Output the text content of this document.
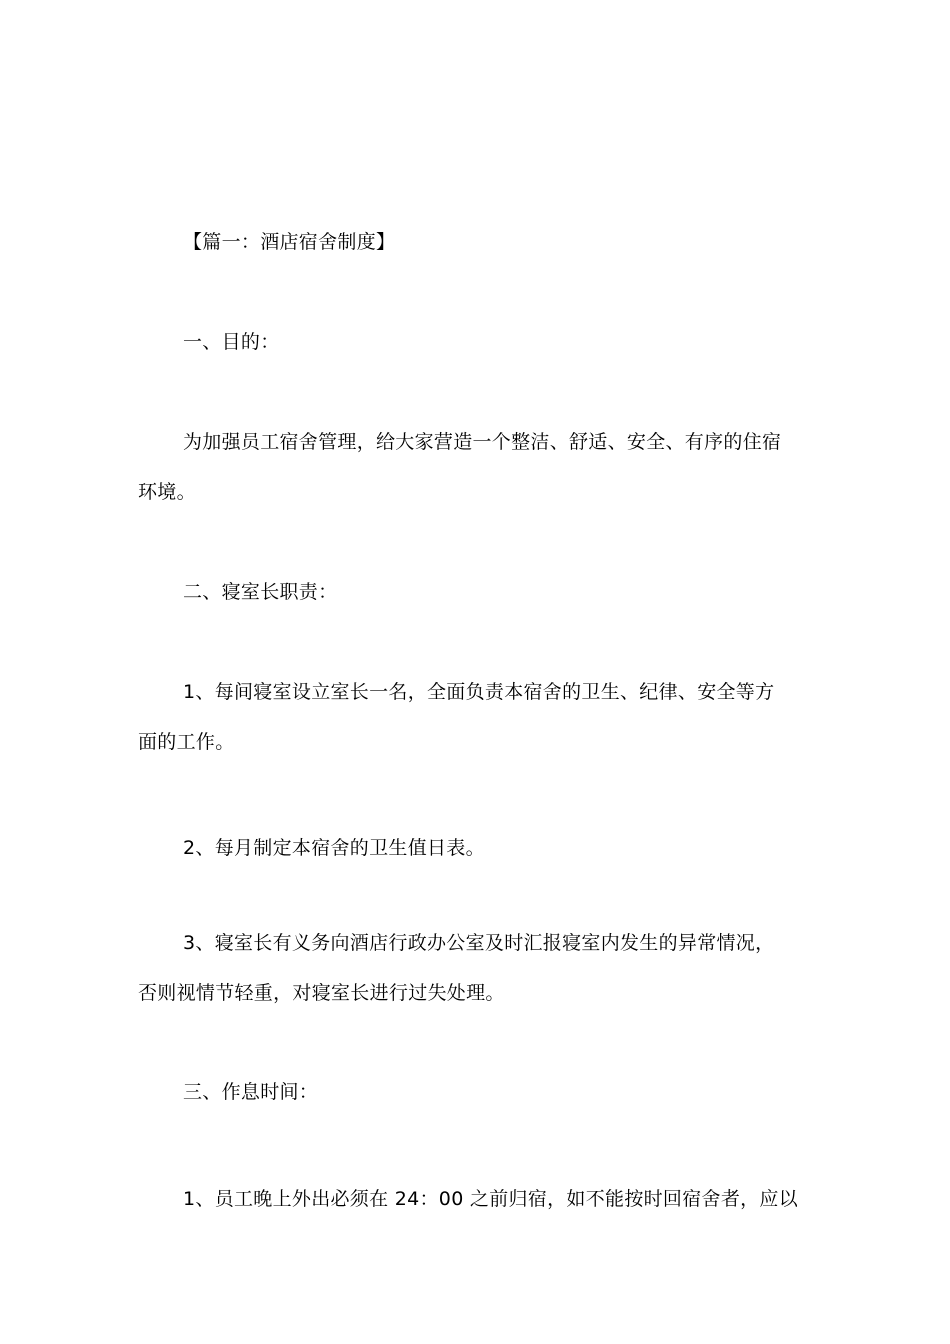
【篇一：酒店宿舍制度】

一、目的：

为加强员工宿舍管理，给大家营造一个整洁、舒适、安全、有序的住宿

环境。

二、寝室长职责：

1、每间寝室设立室长一名，全面负责本宿舍的卫生、纪律、安全等方

面的工作。

2、每月制定本宿舍的卫生值日表。

3、寝室长有义务向酒店行政办公室及时汇报寝室内发生的异常情况，

否则视情节轻重，对寝室长进行过失处理。

三、作息时间：

1、员工晚上外出必须在 24：00 之前归宿，如不能按时回宿舍者，应以
